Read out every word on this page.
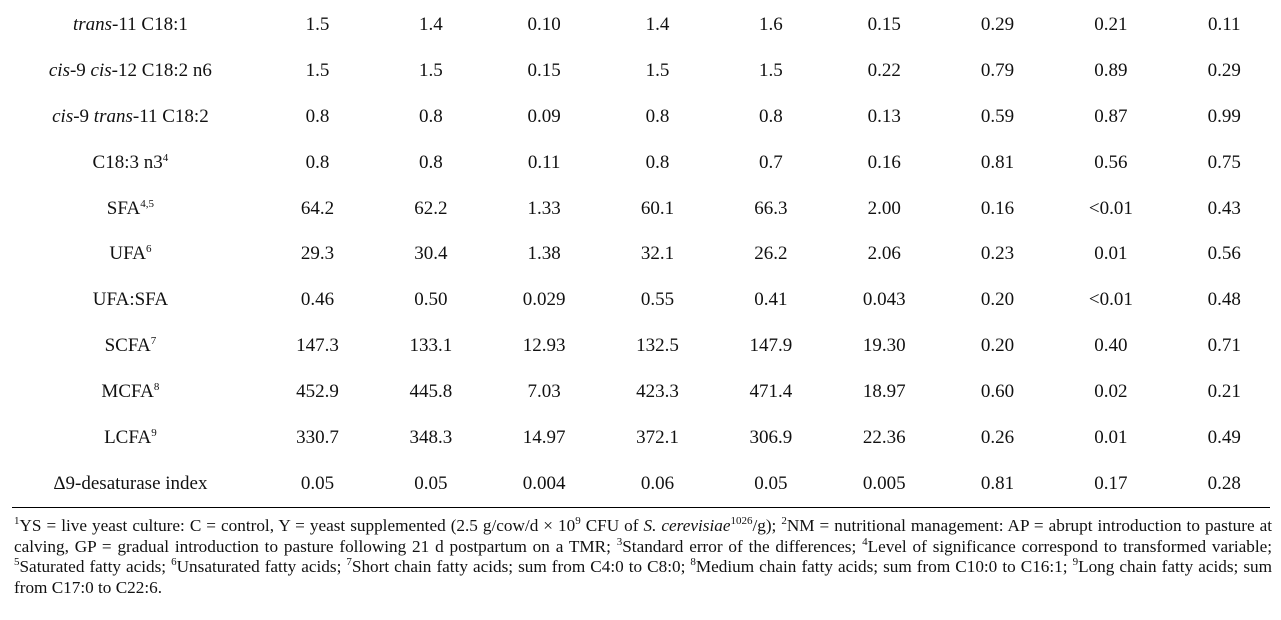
trans-11 C18:1	1.5	1.4	0.10	1.4	1.6	0.15	0.29	0.21	0.11
cis-9 cis-12 C18:2 n6	1.5	1.5	0.15	1.5	1.5	0.22	0.79	0.89	0.29
cis-9 trans-11 C18:2	0.8	0.8	0.09	0.8	0.8	0.13	0.59	0.87	0.99
C18:3 $n3^4$	0.8	0.8	0.11	0.8	0.7	0.16	0.81	0.56	0.75
SFA$^{4,5}$	64.2	62.2	1.33	60.1	66.3	2.00	0.16	<0.01	0.43
UFA$^6$	29.3	30.4	1.38	32.1	26.2	2.06	0.23	0.01	0.56
UFA:SFA	0.46	0.50	0.029	0.55	0.41	0.043	0.20	<0.01	0.48
SCFA$^7$	147.3	133.1	12.93	132.5	147.9	19.30	0.20	0.40	0.71
MCFA$^8$	452.9	445.8	7.03	423.3	471.4	18.97	0.60	0.02	0.21
LCFA$^9$	330.7	348.3	14.97	372.1	306.9	22.36	0.26	0.01	0.49
Δ9-desaturase index	0.05	0.05	0.004	0.06	0.05	0.005	0.81	0.17	0.28
$^1$YS = live yeast culture: C = control, Y = yeast supplemented (2.5 $g/cow/d \times 10^9$ CFU of S. cerevisiae$^{1026}$/g); $^2$NM = nutritional management: AP = abrupt introduction to pasture at calving, GP = gradual introduction to pasture following 21 d postpartum on a TMR; $^3$Standard error of the differences; $^4$Level of significance correspond to transformed variable; $^5$Saturated fatty acids; $^6$Unsaturated fatty acids; $^7$Short chain fatty acids; sum from C4:0 to C8:0; $^8$Medium chain fatty acids; sum from C10:0 to C16:1; $^9$Long chain fatty acids; sum from C17:0 to C22:6.
